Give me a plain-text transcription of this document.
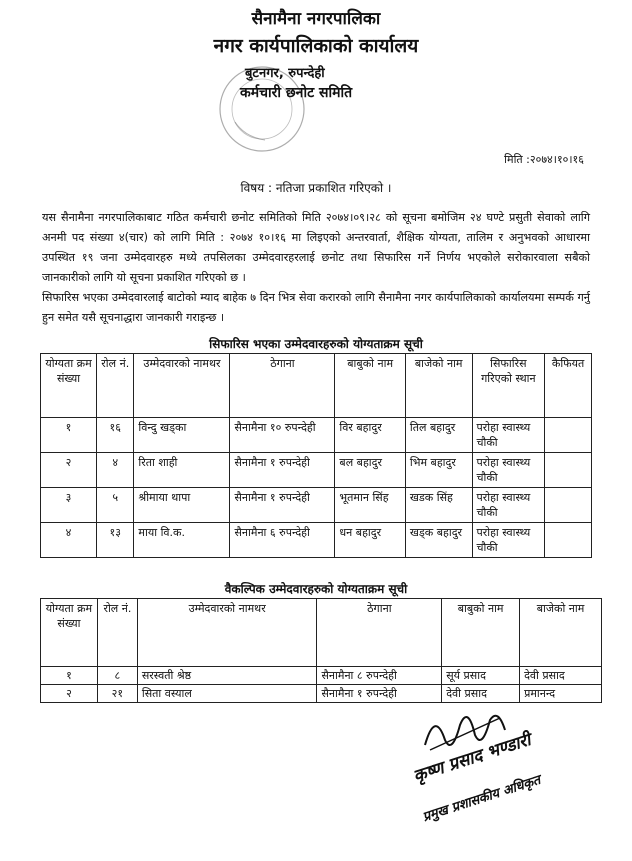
सैनामैना नगरपालिका
नगर कार्यपालिकाको कार्यालय
बुटनगर, रुपन्देही
कर्मचारी छनोट समिति
मिति :२०७४।१०।१६
विषय : नतिजा प्रकाशित गरिएको ।

यस सैनामैना नगरपालिकाबाट गठित कर्मचारी छनोट समितिको मिति २०७४।०९।२८ को सूचना बमोजिम २४ घण्टे प्रसुती सेवाको लागि अनमी पद संख्या ४(चार) को लागि मिति : २०७४ १०।१६ मा लिइएको अन्तरवार्ता, शैक्षिक योग्यता, तालिम र अनुभवको आधारमा उपस्थित १९ जना उम्मेदवारहरु मध्ये तपसिलका उम्मेदवारहरलाई छनोट तथा सिफारिस गर्ने निर्णय भएकोले सरोकारवाला सबैको जानकारीको लागि यो सूचना प्रकाशित गरिएको छ ।

सिफारिस भएका उम्मेदवारलाई बाटोको म्याद बाहेक ७ दिन भित्र सेवा करारको लागि सैनामैना नगर कार्यपालिकाको कार्यालयमा सम्पर्क गर्नु हुन समेत यसै सूचनाद्धारा जानकारी गराइन्छ ।

सिफारिस भएका उम्मेदवारहरुको योग्यताक्रम सूची
योग्यता क्रम संख्या	रोल नं.	उम्मेदवारको नामथर	ठेगाना	बाबुको नाम	बाजेको नाम	सिफारिस गरिएको स्थान	कैफियत
१	१६	विन्दु खड्का	सैनामैना १० रुपन्देही	विर बहादुर	तिल बहादुर	परोहा स्वास्थ्य चौकी	
२	४	रिता शाही	सैनामैना १ रुपन्देही	बल बहादुर	भिम बहादुर	परोहा स्वास्थ्य चौकी	
३	५	श्रीमाया थापा	सैनामैना १ रुपन्देही	भूतमान सिंह	खडक सिंह	परोहा स्वास्थ्य चौकी	
४	१३	माया वि.क.	सैनामैना ६ रुपन्देही	धन बहादुर	खड्क बहादुर	परोहा स्वास्थ्य चौकी	
वैकल्पिक उम्मेदवारहरुको योग्यताक्रम सूची
योग्यता क्रम संख्या	रोल नं.	उम्मेदवारको नामथर	ठेगाना	बाबुको नाम	बाजेको नाम
१	८	सरस्वती श्रेष्ठ	सैनामैना ८ रुपन्देही	सूर्य प्रसाद	देवी प्रसाद
२	२१	सिता वस्याल	सैनामैना १ रुपन्देही	देवी प्रसाद	प्रमानन्द
कृष्ण प्रसाद भण्डारी
प्रमुख प्रशासकीय अधिकृत
